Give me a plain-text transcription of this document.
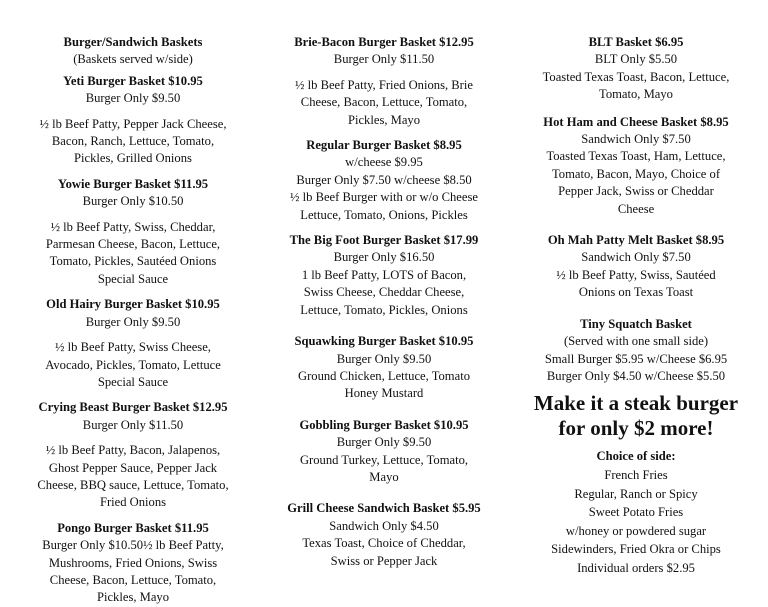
Burger/Sandwich Baskets
(Baskets served w/side)
Yeti Burger Basket $10.95
Burger Only $9.50
½ lb Beef Patty, Pepper Jack Cheese,
Bacon, Ranch, Lettuce, Tomato,
Pickles, Grilled Onions
Yowie Burger Basket $11.95
Burger Only $10.50
½ lb Beef Patty, Swiss, Cheddar,
Parmesan Cheese, Bacon, Lettuce,
Tomato, Pickles, Sautéed Onions
Special Sauce
Old Hairy Burger Basket $10.95
Burger Only $9.50
½ lb Beef Patty, Swiss Cheese,
Avocado, Pickles, Tomato, Lettuce
Special Sauce
Crying Beast Burger Basket $12.95
Burger Only $11.50
½ lb Beef Patty, Bacon, Jalapenos,
Ghost Pepper Sauce, Pepper Jack
Cheese, BBQ sauce, Lettuce, Tomato,
Fried Onions
Pongo Burger Basket $11.95
Burger Only $10.50½ lb Beef Patty,
Mushrooms, Fried Onions, Swiss
Cheese, Bacon, Lettuce, Tomato,
Pickles, Mayo
Brie-Bacon Burger Basket $12.95
Burger Only $11.50
½ lb Beef Patty, Fried Onions, Brie
Cheese, Bacon, Lettuce, Tomato,
Pickles, Mayo
Regular Burger Basket $8.95
w/cheese $9.95
Burger Only $7.50 w/cheese $8.50
½ lb Beef Burger with or w/o Cheese
Lettuce, Tomato, Onions, Pickles
The Big Foot Burger Basket $17.99
Burger Only $16.50
1 lb Beef Patty, LOTS of Bacon,
Swiss Cheese, Cheddar Cheese,
Lettuce, Tomato, Pickles, Onions
Squawking Burger Basket $10.95
Burger Only $9.50
Ground Chicken, Lettuce, Tomato
Honey Mustard
Gobbling Burger Basket $10.95
Burger Only $9.50
Ground Turkey, Lettuce, Tomato,
Mayo
Grill Cheese Sandwich Basket $5.95
Sandwich Only $4.50
Texas Toast, Choice of Cheddar,
Swiss or Pepper Jack
BLT Basket $6.95
BLT Only $5.50
Toasted Texas Toast, Bacon, Lettuce,
Tomato, Mayo
Hot Ham and Cheese Basket $8.95
Sandwich Only $7.50
Toasted Texas Toast, Ham, Lettuce,
Tomato, Bacon, Mayo, Choice of
Pepper Jack, Swiss or Cheddar
Cheese
Oh Mah Patty Melt Basket $8.95
Sandwich Only $7.50
½ lb Beef Patty, Swiss, Sautéed
Onions on Texas Toast
Tiny Squatch Basket
(Served with one small side)
Small Burger $5.95 w/Cheese $6.95
Burger Only $4.50 w/Cheese $5.50
Make it a steak burger
for only $2 more!
Choice of side:
French Fries
Regular, Ranch or Spicy
Sweet Potato Fries
w/honey or powdered sugar
Sidewinders, Fried Okra or Chips
Individual orders $2.95
